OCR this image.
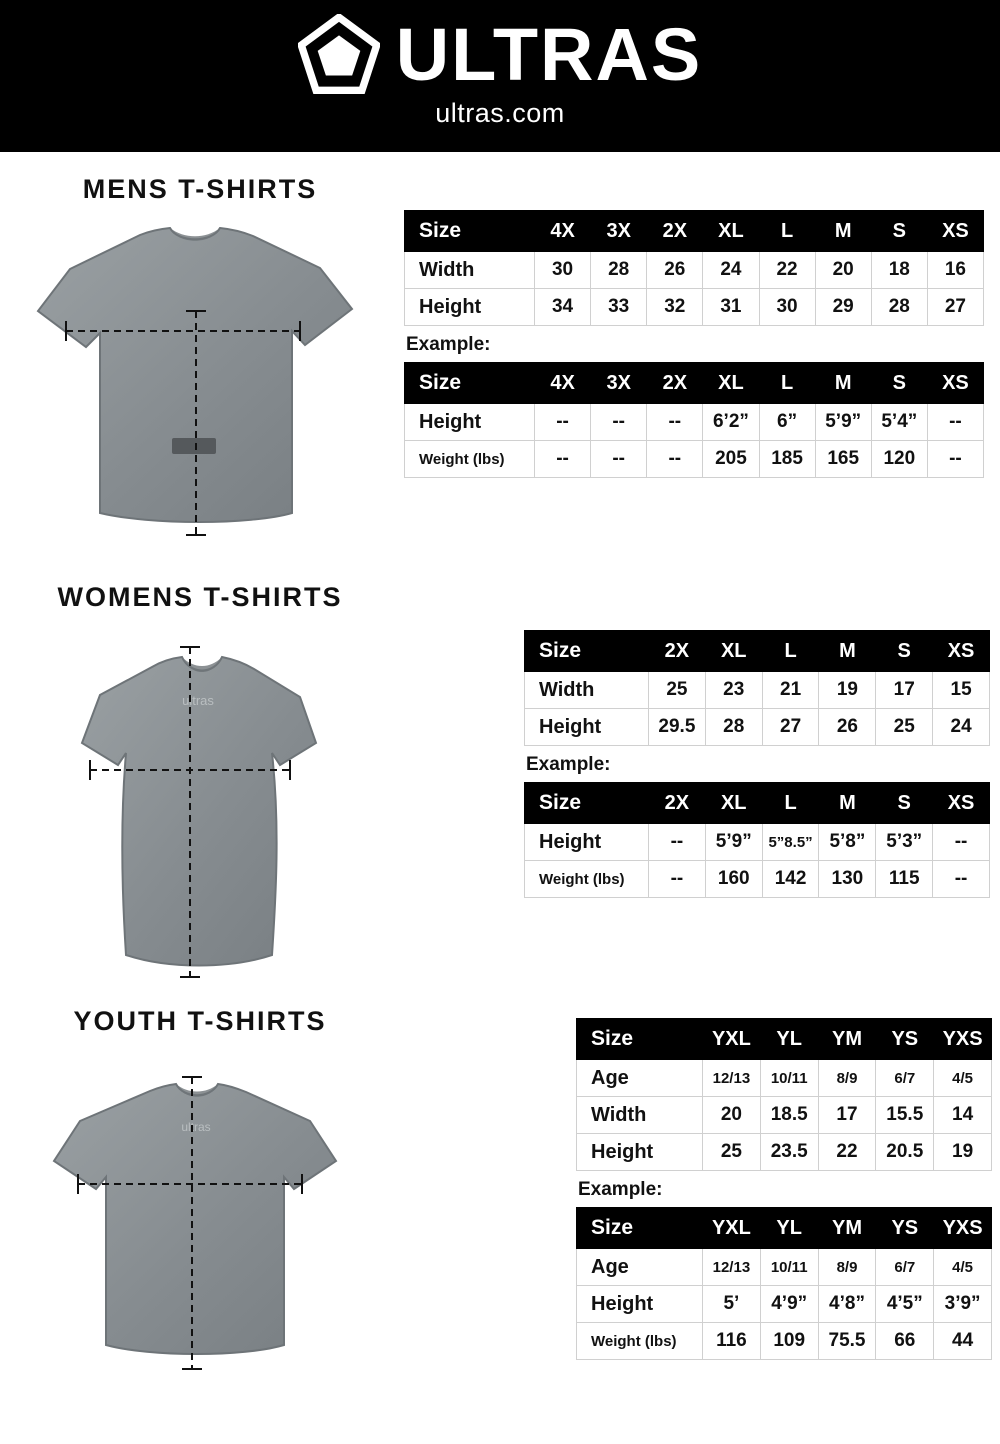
ULTRAS
ultras.com
MENS T-SHIRTS
Size	4X	3X	2X	XL	L	M	S	XS
Width	30	28	26	24	22	20	18	16
Height	34	33	32	31	30	29	28	27
Example:
Size	4X	3X	2X	XL	L	M	S	XS
Height	--	--	--	6’2”	6”	5’9”	5’4”	--
Weight (lbs)	--	--	--	205	185	165	120	--
WOMENS T-SHIRTS
ultras
Size	2X	XL	L	M	S	XS
Width	25	23	21	19	17	15
Height	29.5	28	27	26	25	24
Example:
Size	2X	XL	L	M	S	XS
Height	--	5’9”	5”8.5”	5’8”	5’3”	--
Weight (lbs)	--	160	142	130	115	--
YOUTH T-SHIRTS
ultras
Size	YXL	YL	YM	YS	YXS
Age	12/13	10/11	8/9	6/7	4/5
Width	20	18.5	17	15.5	14
Height	25	23.5	22	20.5	19
Example:
Size	YXL	YL	YM	YS	YXS
Age	12/13	10/11	8/9	6/7	4/5
Height	5’	4’9”	4’8”	4’5”	3’9”
Weight (lbs)	116	109	75.5	66	44
